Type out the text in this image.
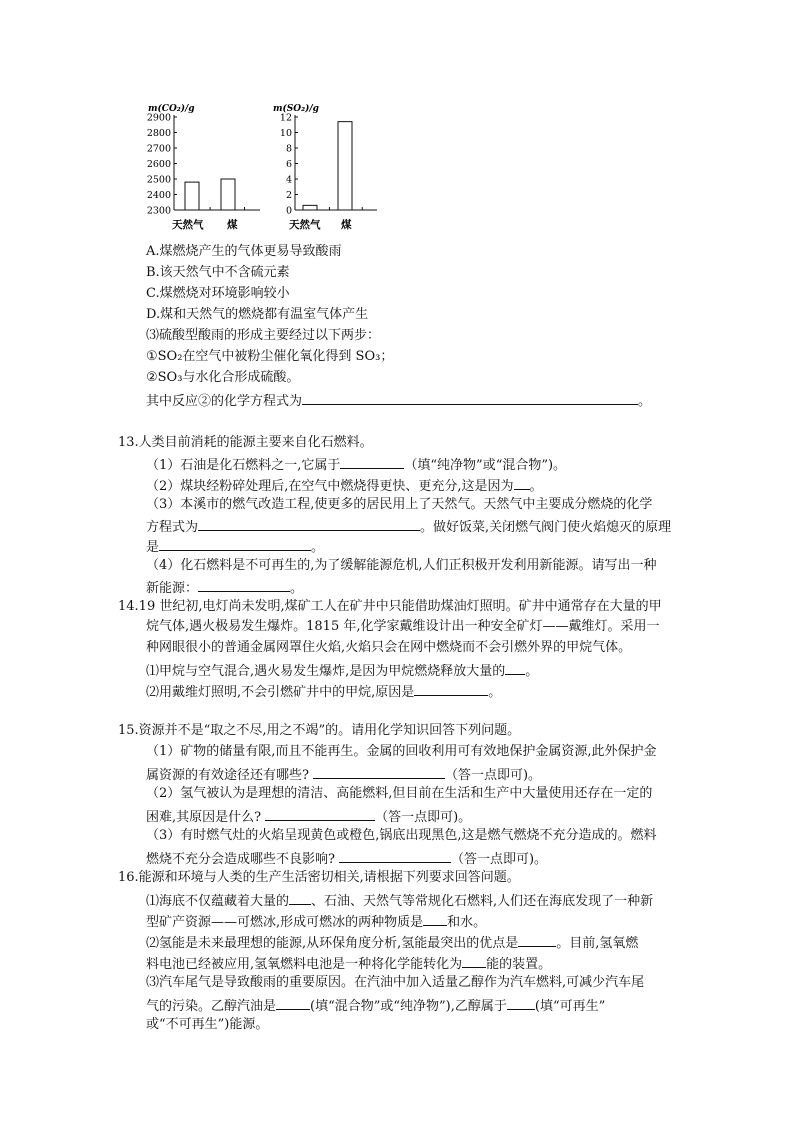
m(CO₂)/g
2900
2800
2700
2600
2500
2400
2300
天然气 煤
m(SO₂)/g
12
10
8
6
4
2
0
天然气 煤
A.煤燃烧产生的气体更易导致酸雨
B.该天然气中不含硫元素
C.煤燃烧对环境影响较小
D.煤和天然气的燃烧都有温室气体产生
⑶硫酸型酸雨的形成主要经过以下两步：
①SO₂在空气中被粉尘催化氧化得到 SO₃；
②SO₃与水化合形成硫酸。
其中反应②的化学方程式为	。
13.人类目前消耗的能源主要来自化石燃料。
（1）石油是化石燃料之一,它属于	（填“纯净物”或“混合物”)。
（2）煤块经粉碎处理后,在空气中燃烧得更快、更充分,这是因为 。
（3）本溪市的燃气改造工程,使更多的居民用上了天然气。天然气中主要成分燃烧的化学
方程式为	。做好饭菜,关闭燃气阀门使火焰熄灭的原理
是	。
（4）化石燃料是不可再生的,为了缓解能源危机,人们正积极开发利用新能源。请写出一种
新能源：	。
14.19 世纪初,电灯尚未发明,煤矿工人在矿井中只能借助煤油灯照明。矿井中通常存在大量的甲
烷气体,遇火极易发生爆炸。1815 年,化学家戴维设计出一种安全矿灯——戴维灯。采用一
种网眼很小的普通金属网罩住火焰,火焰只会在网中燃烧而不会引燃外界的甲烷气体。
⑴甲烷与空气混合,遇火易发生爆炸,是因为甲烷燃烧释放大量的 。
⑵用戴维灯照明,不会引燃矿井中的甲烷,原因是	。
15.资源并不是“取之不尽,用之不竭”的。请用化学知识回答下列问题。
（1）矿物的储量有限,而且不能再生。金属的回收利用可有效地保护金属资源,此外保护金
属资源的有效途径还有哪些?	（答一点即可)。
（2）氢气被认为是理想的清洁、高能燃料,但目前在生活和生产中大量使用还存在一定的
困难,其原因是什么?	（答一点即可)。
（3）有时燃气灶的火焰呈现黄色或橙色,锅底出现黑色,这是燃气燃烧不充分造成的。燃料
燃烧不充分会造成哪些不良影响?	（答一点即可)。
16.能源和环境与人类的生产生活密切相关,请根据下列要求回答问题。
⑴海底不仅蕴藏着大量的 、石油、天然气等常规化石燃料,人们还在海底发现了一种新
型矿产资源——可燃冰,形成可燃冰的两种物质是 和水。
⑵氢能是未来最理想的能源,从环保角度分析,氢能最突出的优点是	。目前,氢氧燃
料电池已经被应用,氢氧燃料电池是一种将化学能转化为 能的装置。
⑶汽车尾气是导致酸雨的重要原因。在汽油中加入适量乙醇作为汽车燃料,可减少汽车尾
气的污染。乙醇汽油是	(填“混合物”或“纯净物”),乙醇属于 (填“可再生”
或“不可再生”)能源。
